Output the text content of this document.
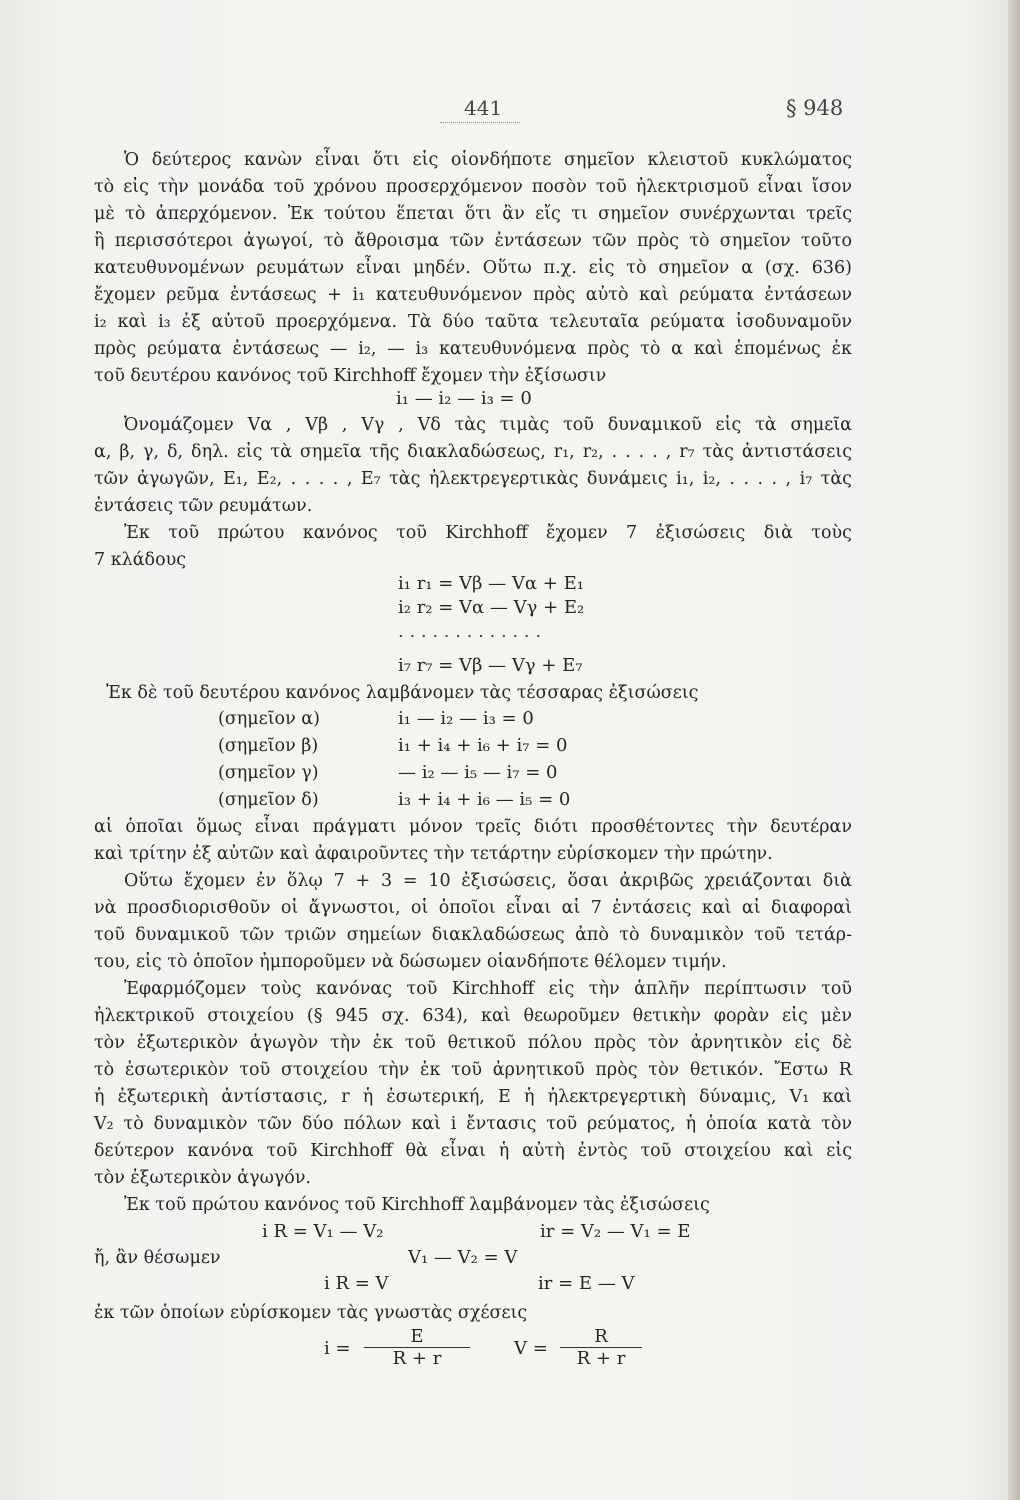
441	§ 948
Ὁ δεύτερος κανὼν εἶναι ὅτι εἰς οἱονδήποτε σημεῖον κλειστοῦ κυκλώματος
τὸ εἰς τὴν μονάδα τοῦ χρόνου προσερχόμενον ποσὸν τοῦ ἠλεκτρισμοῦ εἶναι ἴσον
μὲ τὸ ἀπερχόμενον. Ἐκ τούτου ἕπεται ὅτι ἂν εἴς τι σημεῖον συνέρχωνται τρεῖς
ἢ περισσότεροι ἀγωγοί, τὸ ἄθροισμα τῶν ἐντάσεων τῶν πρὸς τὸ σημεῖον τοῦτο
κατευθυνομένων ρευμάτων εἶναι μηδέν. Οὕτω π.χ. εἰς τὸ σημεῖον α (σχ. 636)
ἔχομεν ρεῦμα ἐντάσεως + i₁ κατευθυνόμενον πρὸς αὐτὸ καὶ ρεύματα ἐντάσεων
i₂ καὶ i₃ ἐξ αὐτοῦ προερχόμενα. Τὰ δύο ταῦτα τελευταῖα ρεύματα ἰσοδυναμοῦν
πρὸς ρεύματα ἐντάσεως — i₂, — i₃ κατευθυνόμενα πρὸς τὸ α καὶ ἑπομένως ἐκ
τοῦ δευτέρου κανόνος τοῦ Kirchhoff ἔχομεν τὴν ἐξίσωσιν
i₁ — i₂ — i₃ = 0
Ὀνομάζομεν Vα , Vβ , Vγ , Vδ τὰς τιμὰς τοῦ δυναμικοῦ εἰς τὰ σημεῖα
α, β, γ, δ, δηλ. εἰς τὰ σημεῖα τῆς διακλαδώσεως, r₁, r₂, . . . . , r₇ τὰς ἀντιστάσεις
τῶν ἀγωγῶν, E₁, E₂, . . . . , E₇ τὰς ἠλεκτρεγερτικὰς δυνάμεις i₁, i₂, . . . . , i₇ τὰς
ἐντάσεις τῶν ρευμάτων.
Ἐκ τοῦ πρώτου κανόνος τοῦ Kirchhoff ἔχομεν 7 ἐξισώσεις διὰ τοὺς
7 κλάδους
i₁ r₁ = Vβ — Vα + E₁
i₂ r₂ = Vα — Vγ + E₂
. . . . . . . . . . . . .
i₇ r₇ = Vβ — Vγ + E₇
Ἐκ δὲ τοῦ δευτέρου κανόνος λαμβάνομεν τὰς τέσσαρας ἐξισώσεις
(σημεῖον α)	i₁ — i₂ — i₃ = 0
(σημεῖον β)	i₁ + i₄ + i₆ + i₇ = 0
(σημεῖον γ)	— i₂ — i₅ — i₇ = 0
(σημεῖον δ)	i₃ + i₄ + i₆ — i₅ = 0
αἱ ὁποῖαι ὅμως εἶναι πράγματι μόνον τρεῖς διότι προσθέτοντες τὴν δευτέραν
καὶ τρίτην ἐξ αὐτῶν καὶ ἀφαιροῦντες τὴν τετάρτην εὑρίσκομεν τὴν πρώτην.
Οὕτω ἔχομεν ἐν ὅλῳ 7 + 3 = 10 ἐξισώσεις, ὅσαι ἀκριβῶς χρειάζονται διὰ
νὰ προσδιορισθοῦν οἱ ἄγνωστοι, οἱ ὁποῖοι εἶναι αἱ 7 ἐντάσεις καὶ αἱ διαφοραὶ
τοῦ δυναμικοῦ τῶν τριῶν σημείων διακλαδώσεως ἀπὸ τὸ δυναμικὸν τοῦ τετάρ-
του, εἰς τὸ ὁποῖον ἠμποροῦμεν νὰ δώσωμεν οἱανδήποτε θέλομεν τιμήν.
Ἐφαρμόζομεν τοὺς κανόνας τοῦ Kirchhoff εἰς τὴν ἁπλῆν περίπτωσιν τοῦ
ἠλεκτρικοῦ στοιχείου (§ 945 σχ. 634), καὶ θεωροῦμεν θετικὴν φορὰν εἰς μὲν
τὸν ἐξωτερικὸν ἀγωγὸν τὴν ἐκ τοῦ θετικοῦ πόλου πρὸς τὸν ἀρνητικὸν εἰς δὲ
τὸ ἐσωτερικὸν τοῦ στοιχείου τὴν ἐκ τοῦ ἀρνητικοῦ πρὸς τὸν θετικόν. Ἔστω R
ἡ ἐξωτερικὴ ἀντίστασις, r ἡ ἐσωτερική, E ἡ ἠλεκτρεγερτικὴ δύναμις, V₁ καὶ
V₂ τὸ δυναμικὸν τῶν δύο πόλων καὶ i ἔντασις τοῦ ρεύματος, ἡ ὁποία κατὰ τὸν
δεύτερον κανόνα τοῦ Kirchhoff θὰ εἶναι ἡ αὐτὴ ἐντὸς τοῦ στοιχείου καὶ εἰς
τὸν ἐξωτερικὸν ἀγωγόν.
Ἐκ τοῦ πρώτου κανόνος τοῦ Kirchhoff λαμβάνομεν τὰς ἐξισώσεις
i R = V₁ — V₂	ir = V₂ — V₁ = E
ἤ, ἂν θέσωμεν	V₁ — V₂ = V
i R = V	ir = E — V
ἐκ τῶν ὁποίων εὑρίσκομεν τὰς γνωστὰς σχέσεις
$i = \frac{E}{R + r}$ $V = \frac{R}{R + r}$
